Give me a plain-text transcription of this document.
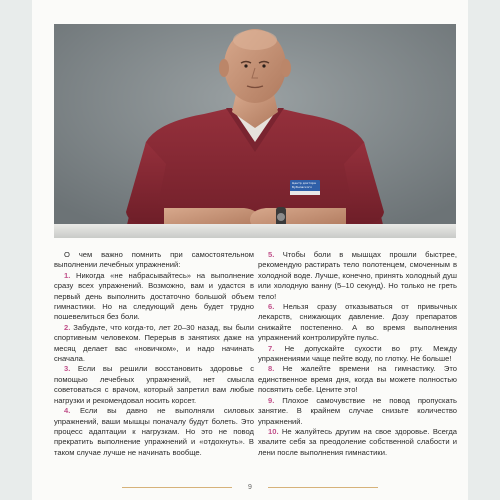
Центр доктора
Бубновского

О чем важно помнить при самостоятельном выполнении лечебных упражнений:

1. Никогда «не набрасывайтесь» на выполнение сразу всех упражнений. Возможно, вам и удастся в первый день выполнить достаточно большой объем гимнастики. Но на следующий день будет трудно пошевелиться без боли.

2. Забудьте, что когда-то, лет 20–30 назад, вы были спортивным человеком. Перерыв в занятиях даже на месяц делает вас «новичком», и надо начинать сначала.

3. Если вы решили восстановить здоровье с помощью лечебных упражнений, нет смысла советоваться с врачом, который запретил вам любые нагрузки и рекомендовал носить корсет.

4. Если вы давно не выполняли силовых упражнений, ваши мышцы поначалу будут болеть. Это процесс адаптации к нагрузкам. Но это не повод прекратить выполнение упражнений и «отдохнуть». В таком случае лучше не начинать вообще.

5. Чтобы боли в мышцах прошли быстрее, рекомендую растирать тело полотенцем, смоченным в холодной воде. Лучше, конечно, принять холодный душ или холодную ванну (5–10 секунд). Но только не греть тело!

6. Нельзя сразу отказываться от привычных лекарств, снижающих давление. Дозу препаратов снижайте постепенно. А во время выполнения упражнений контролируйте пульс.

7. Не допускайте сухости во рту. Между упражнениями чаще пейте воду, по глотку. Не больше!

8. Не жалейте времени на гимнастику. Это единственное время дня, когда вы можете полностью посвятить себе. Цените это!

9. Плохое самочувствие не повод пропускать занятие. В крайнем случае снизьте количество упражнений.

10. Не жалуйтесь другим на свое здоровье. Всегда хвалите себя за преодоление собственной слабости и лени после выполнения гимнастики.

9
